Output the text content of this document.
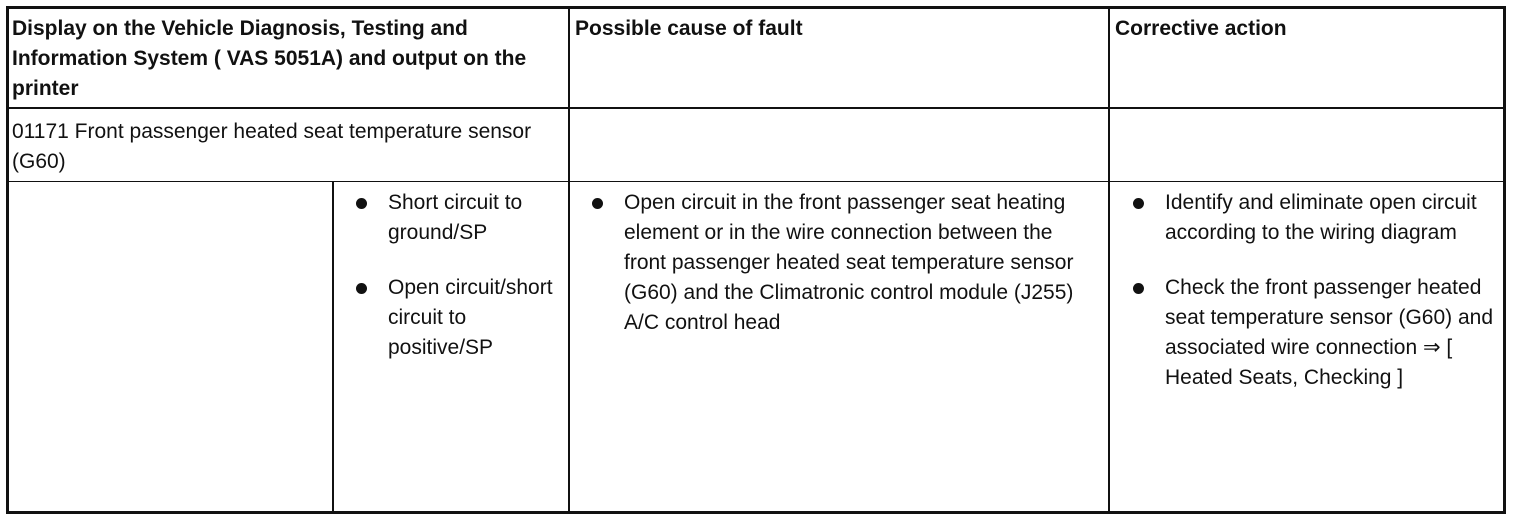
Display on the Vehicle Diagnosis, Testing and Information System ( VAS 5051A) and output on the printer
Possible cause of fault	Corrective action
01171 Front passenger heated seat temperature sensor (G60)
Short circuit to ground/SP
Open circuit/short circuit to positive/SP
Open circuit in the front passenger seat heating element or in the wire connection between the front passenger heated seat temperature sensor (G60) and the Climatronic control module (J255) A/C control head
Identify and eliminate open circuit according to the wiring diagram
Check the front passenger heated seat temperature sensor (G60) and associated wire connection ⇒ [ Heated Seats, Checking ]
